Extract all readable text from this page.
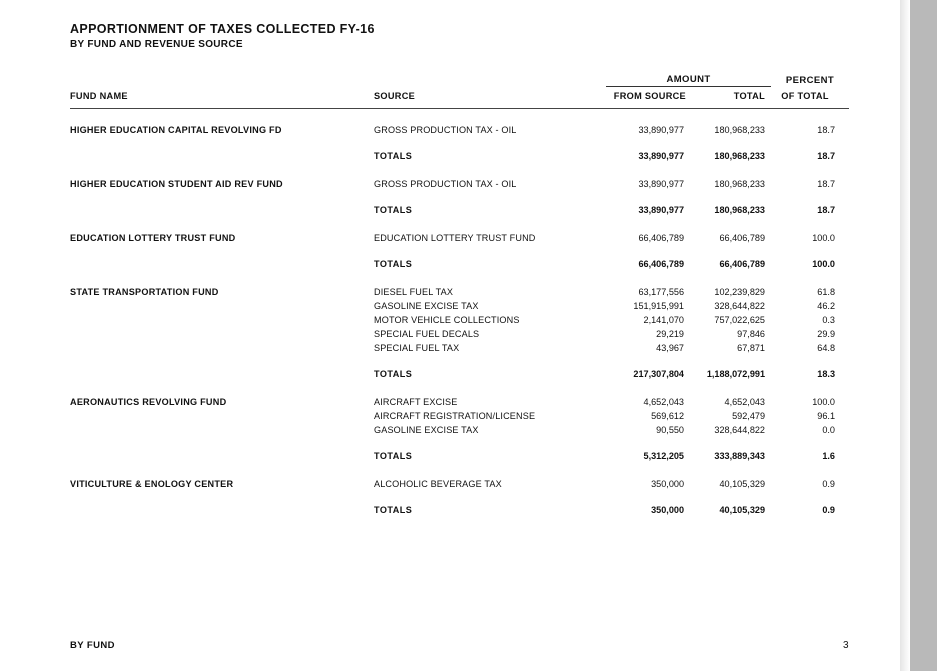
APPORTIONMENT OF TAXES COLLECTED FY-16
BY FUND AND REVENUE SOURCE
		AMOUNT		PERCENT
FUND NAME	SOURCE	FROM SOURCE	TOTAL	OF TOTAL

HIGHER EDUCATION CAPITAL REVOLVING FD	GROSS PRODUCTION TAX - OIL	33,890,977	180,968,233	18.7

	TOTALS	33,890,977	180,968,233	18.7

HIGHER EDUCATION STUDENT AID REV FUND	GROSS PRODUCTION TAX - OIL	33,890,977	180,968,233	18.7

	TOTALS	33,890,977	180,968,233	18.7

EDUCATION LOTTERY TRUST FUND	EDUCATION LOTTERY TRUST FUND	66,406,789	66,406,789	100.0

	TOTALS	66,406,789	66,406,789	100.0

STATE TRANSPORTATION FUND	DIESEL FUEL TAX	63,177,556	102,239,829	61.8
	GASOLINE EXCISE TAX	151,915,991	328,644,822	46.2
	MOTOR VEHICLE COLLECTIONS	2,141,070	757,022,625	0.3
	SPECIAL FUEL DECALS	29,219	97,846	29.9
	SPECIAL FUEL TAX	43,967	67,871	64.8

	TOTALS	217,307,804	1,188,072,991	18.3

AERONAUTICS REVOLVING FUND	AIRCRAFT EXCISE	4,652,043	4,652,043	100.0
	AIRCRAFT REGISTRATION/LICENSE	569,612	592,479	96.1
	GASOLINE EXCISE TAX	90,550	328,644,822	0.0

	TOTALS	5,312,205	333,889,343	1.6

VITICULTURE & ENOLOGY CENTER	ALCOHOLIC BEVERAGE TAX	350,000	40,105,329	0.9

	TOTALS	350,000	40,105,329	0.9
3
BY FUND
